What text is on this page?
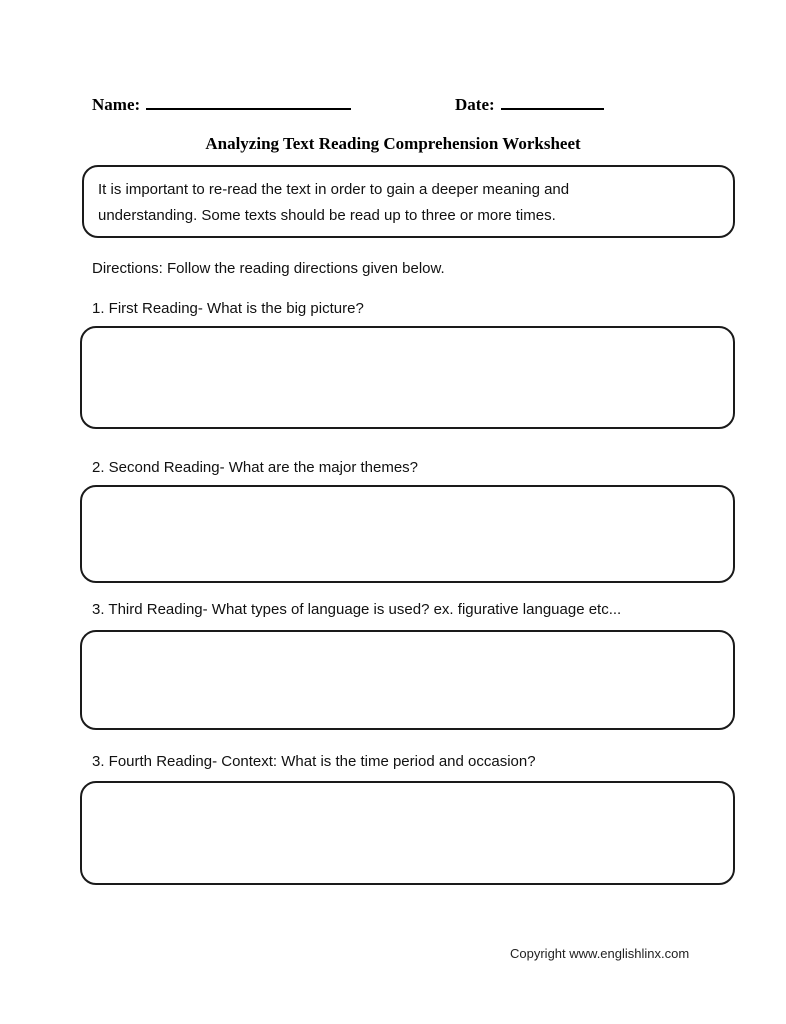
Name:	Date:
Analyzing Text Reading Comprehension Worksheet

It is important to re-read the text in order to gain a deeper meaning and understanding. Some texts should be read up to three or more times.

Directions: Follow the reading directions given below.
1. First Reading- What is the big picture?
2. Second Reading- What are the major themes?
3. Third Reading- What types of language is used? ex. figurative language etc...
3. Fourth Reading- Context: What is the time period and occasion?
Copyright www.englishlinx.com
